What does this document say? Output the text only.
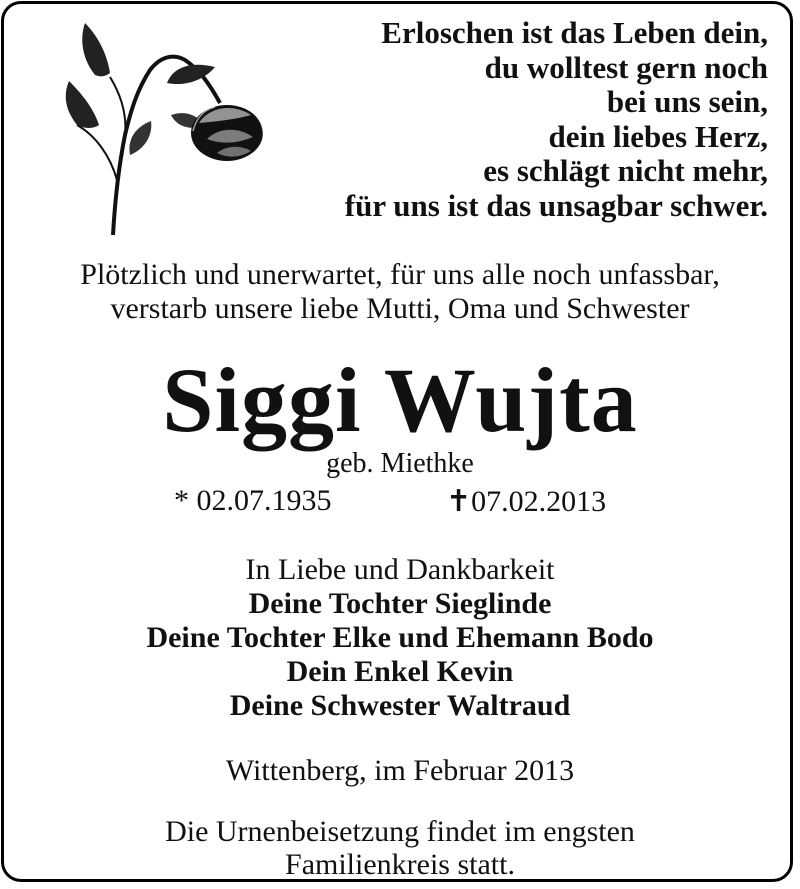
Erloschen ist das Leben dein,
du wolltest gern noch
bei uns sein,
dein liebes Herz,
es schlägt nicht mehr,
für uns ist das unsagbar schwer.
Plötzlich und unerwartet, für uns alle noch unfassbar,
verstarb unsere liebe Mutti, Oma und Schwester
Siggi Wujta
geb. Miethke
* 02.07.1935	✝07.02.2013
In Liebe und Dankbarkeit
Deine Tochter Sieglinde
Deine Tochter Elke und Ehemann Bodo
Dein Enkel Kevin
Deine Schwester Waltraud
Wittenberg, im Februar 2013
Die Urnenbeisetzung findet im engsten
Familienkreis statt.
